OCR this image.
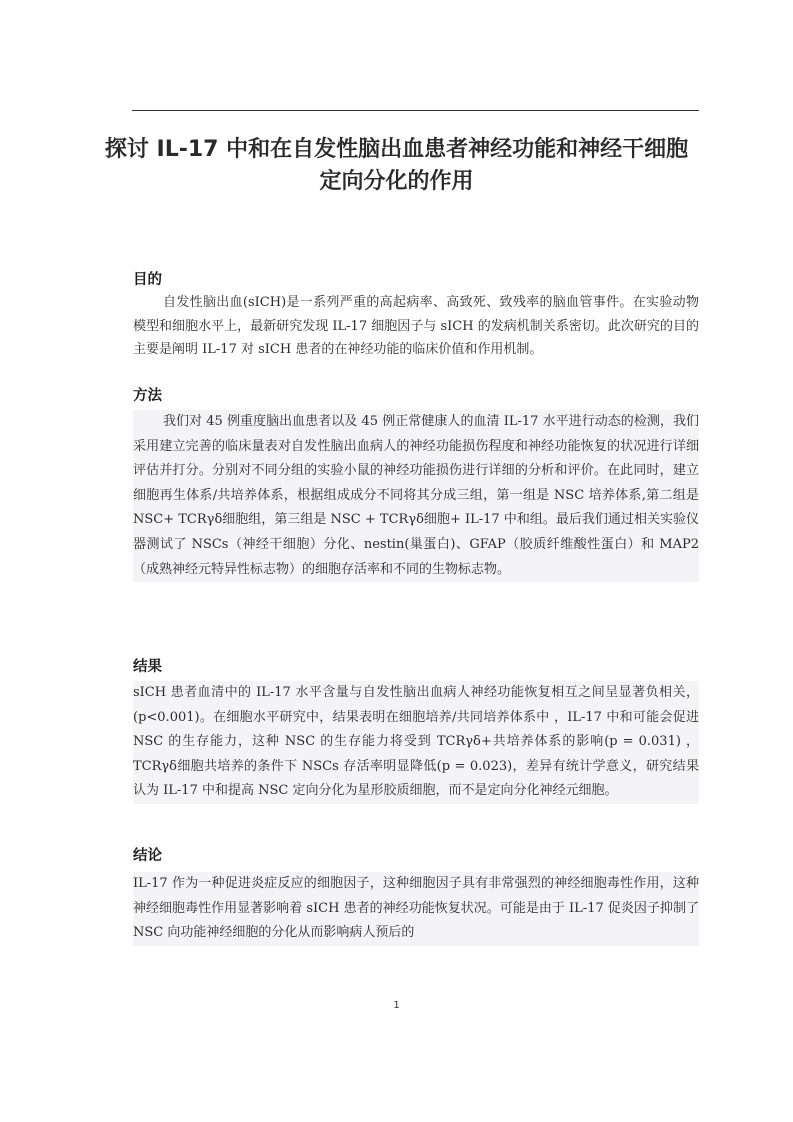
探讨 IL-17 中和在自发性脑出血患者神经功能和神经干细胞定向分化的作用
目的

自发性脑出血(sICH)是一系列严重的高起病率、高致死、致残率的脑血管事件。在实验动物模型和细胞水平上，最新研究发现 IL-17 细胞因子与 sICH 的发病机制关系密切。此次研究的目的主要是阐明 IL-17 对 sICH 患者的在神经功能的临床价值和作用机制。

方法

我们对 45 例重度脑出血患者以及 45 例正常健康人的血清 IL-17 水平进行动态的检测，我们采用建立完善的临床量表对自发性脑出血病人的神经功能损伤程度和神经功能恢复的状况进行详细评估并打分。分别对不同分组的实验小鼠的神经功能损伤进行详细的分析和评价。在此同时，建立细胞再生体系/共培养体系，根据组成成分不同将其分成三组，第一组是 NSC 培养体系,第二组是 NSC+ TCRγδ细胞组，第三组是 NSC + TCRγδ细胞+ IL-17 中和组。最后我们通过相关实验仪器测试了 NSCs（神经干细胞）分化、nestin(巢蛋白)、GFAP（胶质纤维酸性蛋白）和 MAP2（成熟神经元特异性标志物）的细胞存活率和不同的生物标志物。

结果

sICH 患者血清中的 IL-17 水平含量与自发性脑出血病人神经功能恢复相互之间呈显著负相关，(p<0.001)。在细胞水平研究中，结果表明在细胞培养/共同培养体系中 ，IL-17 中和可能会促进 NSC 的生存能力，这种 NSC 的生存能力将受到 TCRγδ+共培养体系的影响(p = 0.031) ，TCRγδ细胞共培养的条件下 NSCs 存活率明显降低(p = 0.023)，差异有统计学意义，研究结果认为 IL-17 中和提高 NSC 定向分化为星形胶质细胞，而不是定向分化神经元细胞。

结论

IL-17 作为一种促进炎症反应的细胞因子，这种细胞因子具有非常强烈的神经细胞毒性作用，这种神经细胞毒性作用显著影响着 sICH 患者的神经功能恢复状况。可能是由于 IL-17 促炎因子抑制了 NSC 向功能神经细胞的分化从而影响病人预后的

1
